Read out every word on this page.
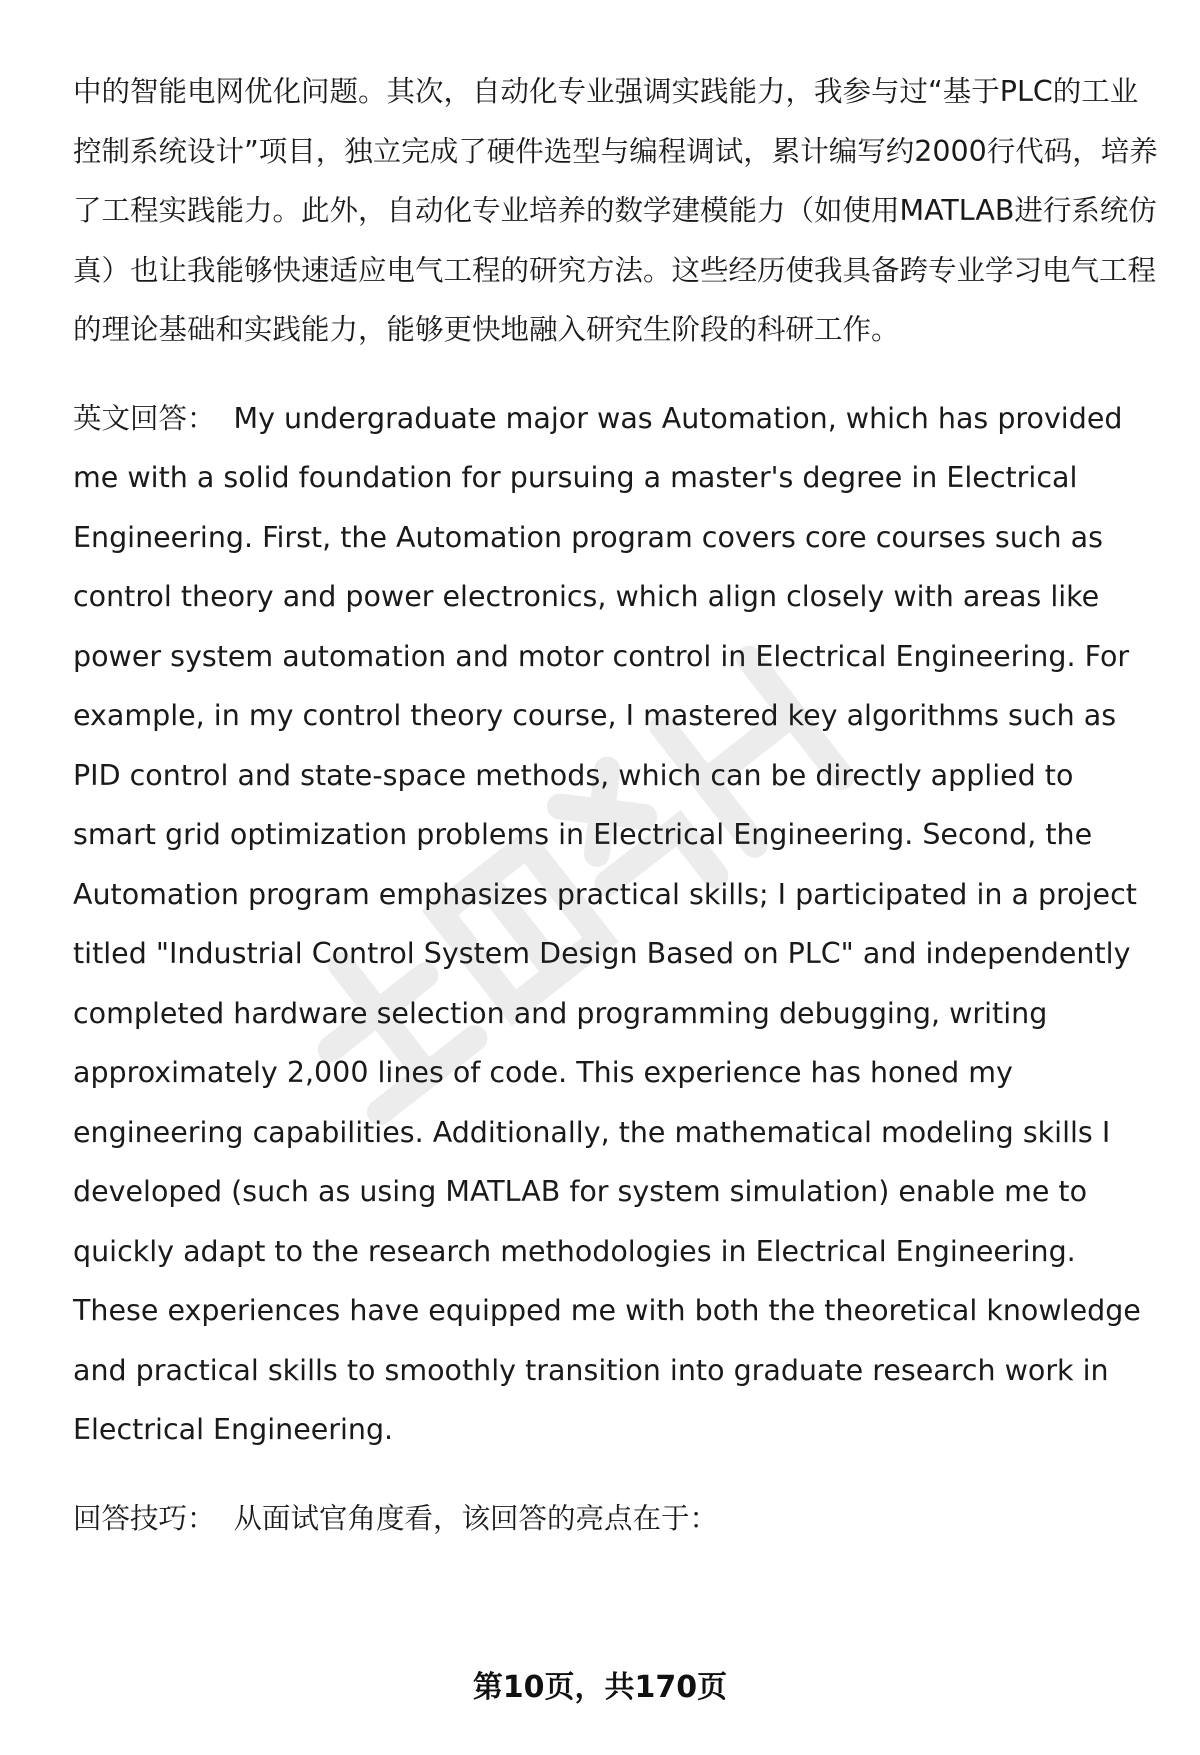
中的智能电网优化问题。其次，自动化专业强调实践能力，我参与过“基于PLC的工业控制系统设计”项目，独立完成了硬件选型与编程调试，累计编写约2000行代码，培养了工程实践能力。此外，自动化专业培养的数学建模能力（如使用MATLAB进行系统仿真）也让我能够快速适应电气工程的研究方法。这些经历使我具备跨专业学习电气工程的理论基础和实践能力，能够更快地融入研究生阶段的科研工作。

英文回答： My undergraduate major was Automation, which has provided me with a solid foundation for pursuing a master's degree in Electrical Engineering. First, the Automation program covers core courses such as control theory and power electronics, which align closely with areas like power system automation and motor control in Electrical Engineering. For example, in my control theory course, I mastered key algorithms such as PID control and state-space methods, which can be directly applied to smart grid optimization problems in Electrical Engineering. Second, the Automation program emphasizes practical skills; I participated in a project titled "Industrial Control System Design Based on PLC" and independently completed hardware selection and programming debugging, writing approximately 2,000 lines of code. This experience has honed my engineering capabilities. Additionally, the mathematical modeling skills I developed (such as using MATLAB for system simulation) enable me to quickly adapt to the research methodologies in Electrical Engineering. These experiences have equipped me with both the theoretical knowledge and practical skills to smoothly transition into graduate research work in Electrical Engineering.

回答技巧： 从面试官角度看，该回答的亮点在于：

第10页，共170页
